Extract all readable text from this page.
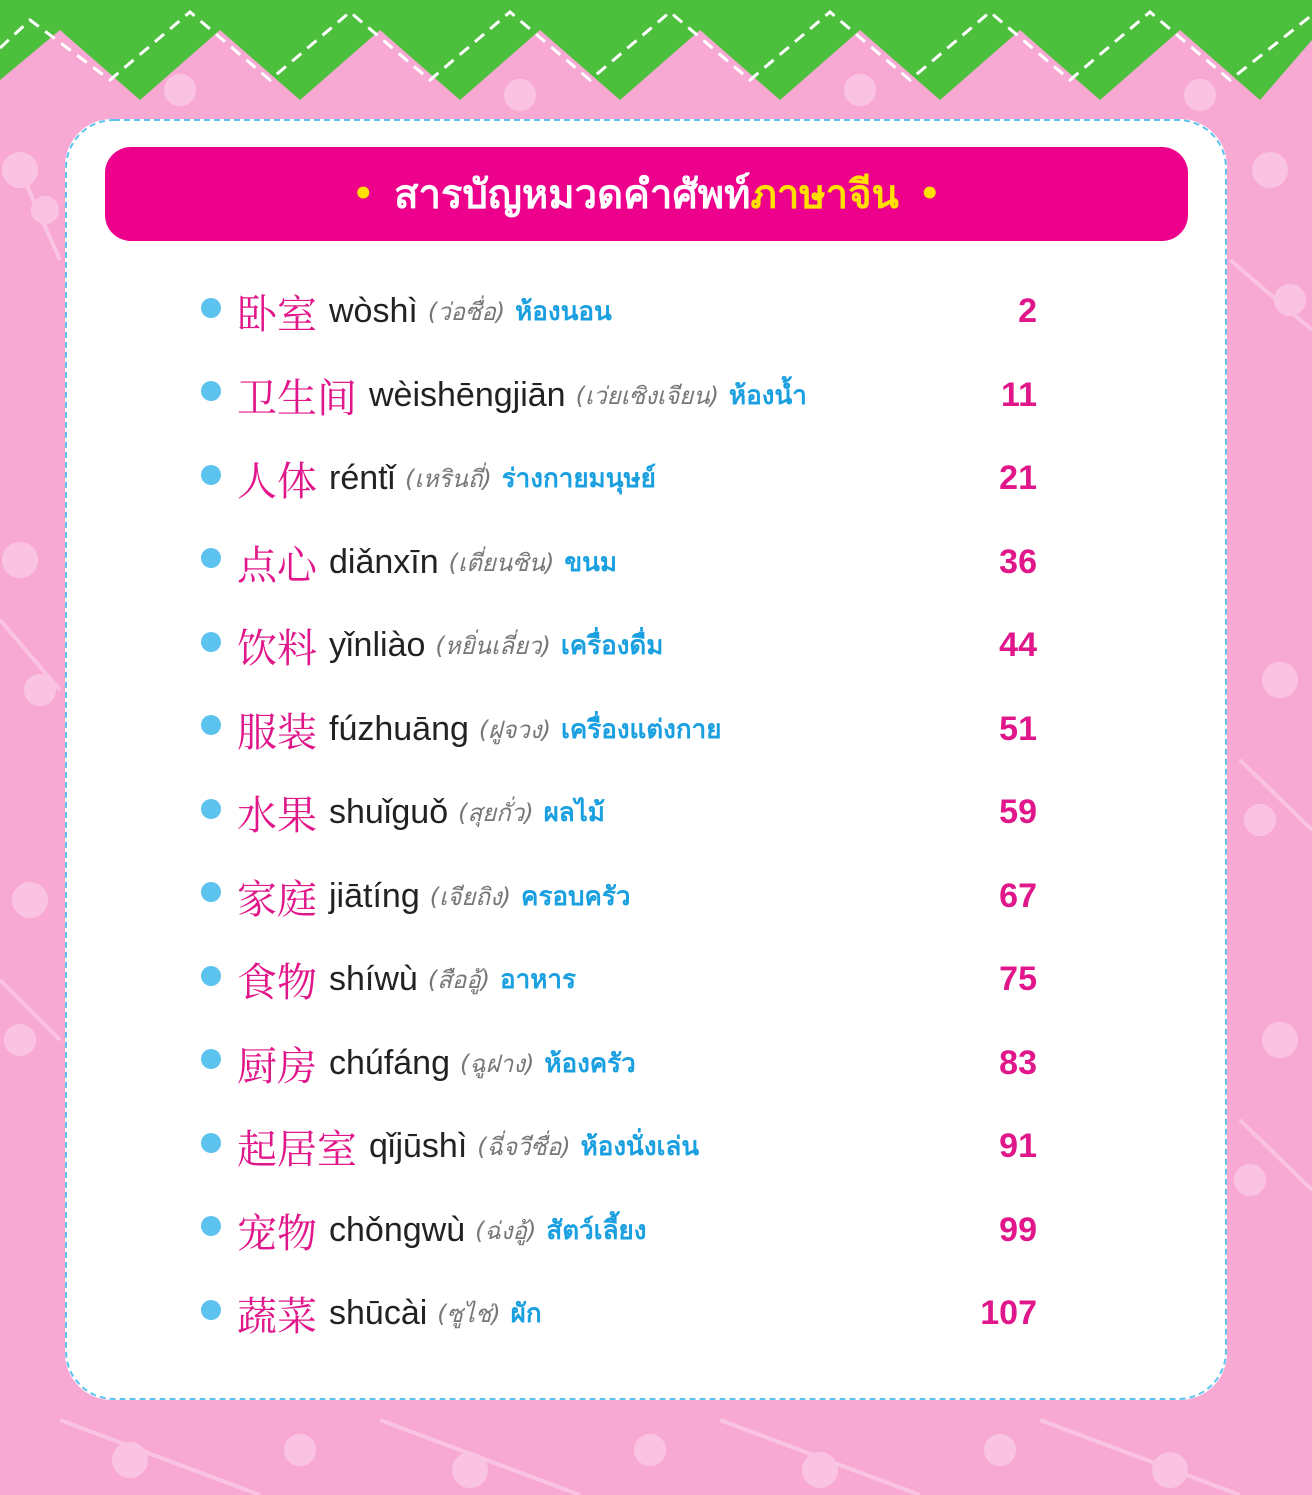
• สารบัญหมวดคำศัพท์ ภาษาจีน •
卧室 wòshì (ว่อซื่อ) ห้องนอน	2
卫生间 wèishēngjiān (เว่ยเซิงเจียน) ห้องน้ำ	11
人体 réntǐ (เหรินถี่) ร่างกายมนุษย์	21
点心 diǎnxīn (เตี่ยนซิน) ขนม	36
饮料 yǐnliào (หยิ่นเลี่ยว) เครื่องดื่ม	44
服装 fúzhuāng (ฝูจวง) เครื่องแต่งกาย	51
水果 shuǐguǒ (สุยกั่ว) ผลไม้	59
家庭 jiātíng (เจียถิง) ครอบครัว	67
食物 shíwù (สืออู้) อาหาร	75
厨房 chúfáng (ฉูฝาง) ห้องครัว	83
起居室 qǐjūshì (ฉี่จวีซื่อ) ห้องนั่งเล่น	91
宠物 chǒngwù (ฉ่งอู้) สัตว์เลี้ยง	99
蔬菜 shūcài (ซูไช่) ผัก	107
